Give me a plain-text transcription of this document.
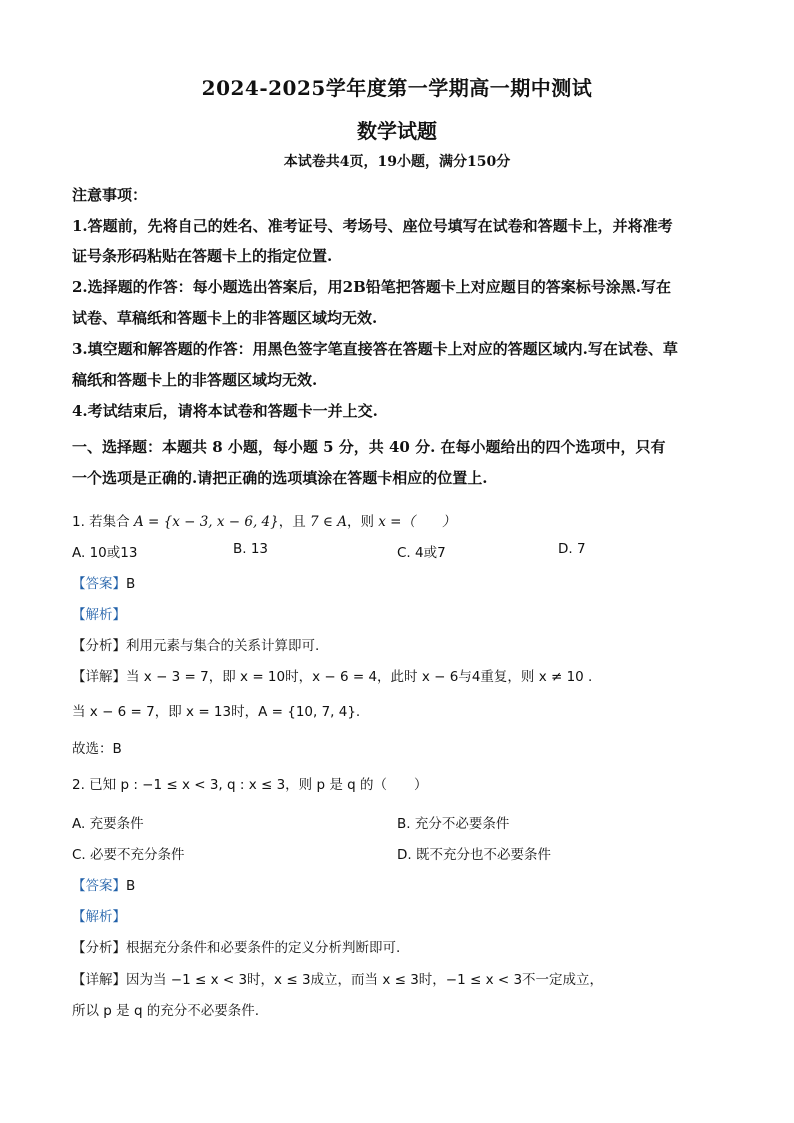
2024-2025学年度第一学期高一期中测试
数学试题
本试卷共4页，19小题，满分150分
注意事项：
1.答题前，先将自己的姓名、准考证号、考场号、座位号填写在试卷和答题卡上，并将准考
证号条形码粘贴在答题卡上的指定位置.
2.选择题的作答：每小题选出答案后，用2B铅笔把答题卡上对应题目的答案标号涂黑.写在
试卷、草稿纸和答题卡上的非答题区域均无效.
3.填空题和解答题的作答：用黑色签字笔直接答在答题卡上对应的答题区域内.写在试卷、草
稿纸和答题卡上的非答题区域均无效.
4.考试结束后，请将本试卷和答题卡一并上交.
一、选择题：本题共 8 小题，每小题 5 分，共 40 分. 在每小题给出的四个选项中，只有
一个选项是正确的.请把正确的选项填涂在答题卡相应的位置上.
1. 若集合 A = {x − 3, x − 6, 4}，且 7 ∈ A，则 x =（　　）
A. 10或13	B. 13	C. 4或7	D. 7
【答案】B
【解析】
【分析】利用元素与集合的关系计算即可.
【详解】当 x − 3 = 7，即 x = 10时，x − 6 = 4，此时 x − 6与4重复，则 x ≠ 10 .
当 x − 6 = 7，即 x = 13时，A = {10, 7, 4}.
故选：B
2. 已知 p : −1 ≤ x < 3, q : x ≤ 3，则 p 是 q 的（　　）
A. 充要条件	B. 充分不必要条件
C. 必要不充分条件	D. 既不充分也不必要条件
【答案】B
【解析】
【分析】根据充分条件和必要条件的定义分析判断即可.
【详解】因为当 −1 ≤ x < 3时，x ≤ 3成立，而当 x ≤ 3时，−1 ≤ x < 3不一定成立，
所以 p 是 q 的充分不必要条件.
